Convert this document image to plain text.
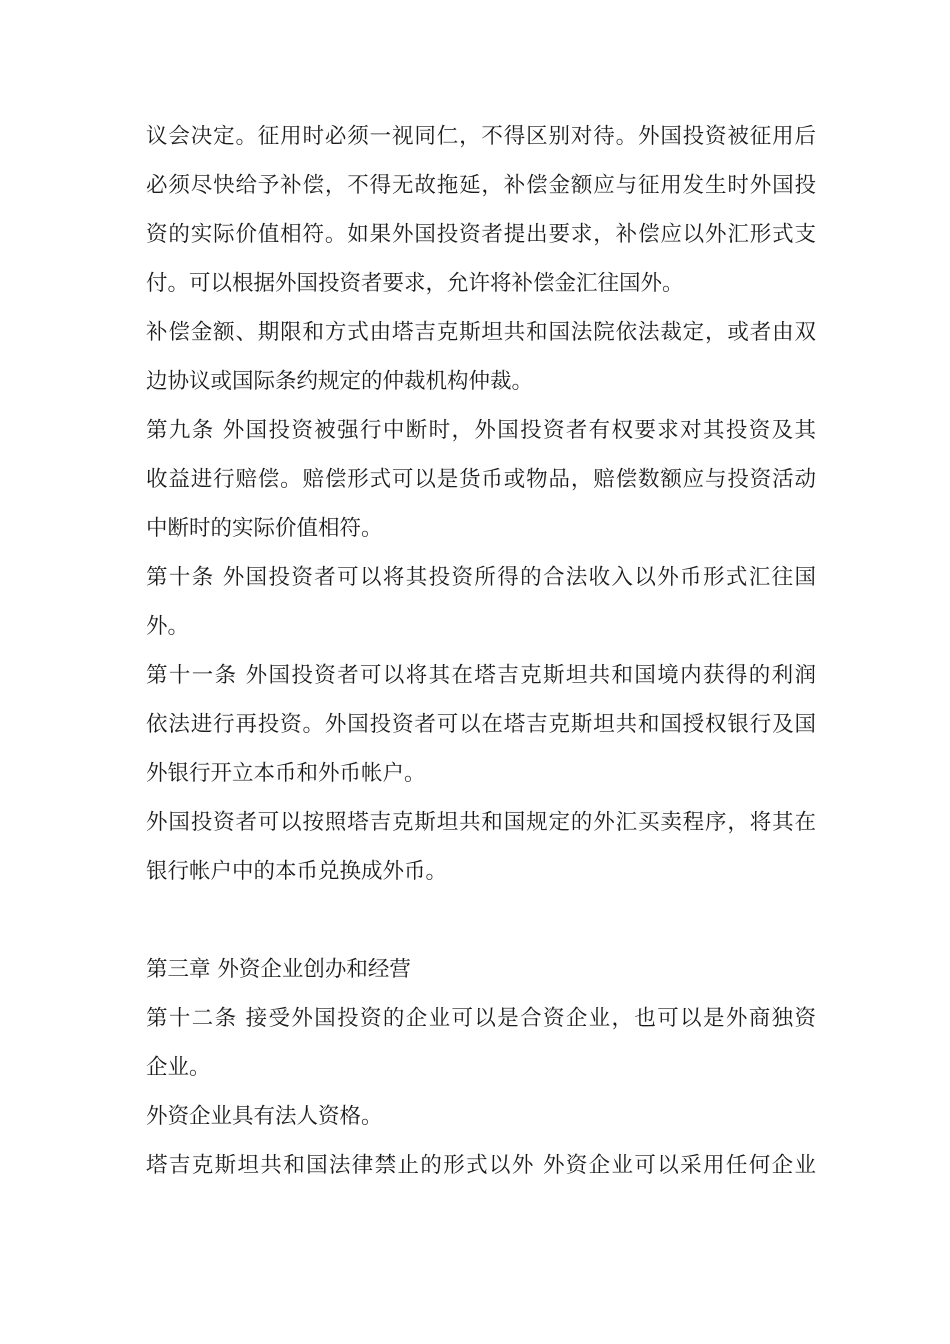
议会决定。征用时必须一视同仁，不得区别对待。外国投资被征用后
必须尽快给予补偿，不得无故拖延，补偿金额应与征用发生时外国投
资的实际价值相符。如果外国投资者提出要求，补偿应以外汇形式支
付。可以根据外国投资者要求，允许将补偿金汇往国外。
补偿金额、期限和方式由塔吉克斯坦共和国法院依法裁定，或者由双
边协议或国际条约规定的仲裁机构仲裁。
第九条 外国投资被强行中断时，外国投资者有权要求对其投资及其
收益进行赔偿。赔偿形式可以是货币或物品，赔偿数额应与投资活动
中断时的实际价值相符。
第十条 外国投资者可以将其投资所得的合法收入以外币形式汇往国
外。
第十一条 外国投资者可以将其在塔吉克斯坦共和国境内获得的利润
依法进行再投资。外国投资者可以在塔吉克斯坦共和国授权银行及国
外银行开立本币和外币帐户。
外国投资者可以按照塔吉克斯坦共和国规定的外汇买卖程序，将其在
银行帐户中的本币兑换成外币。
第三章 外资企业创办和经营
第十二条 接受外国投资的企业可以是合资企业，也可以是外商独资
企业。
外资企业具有法人资格。
塔吉克斯坦共和国法律禁止的形式以外 外资企业可以采用任何企业
